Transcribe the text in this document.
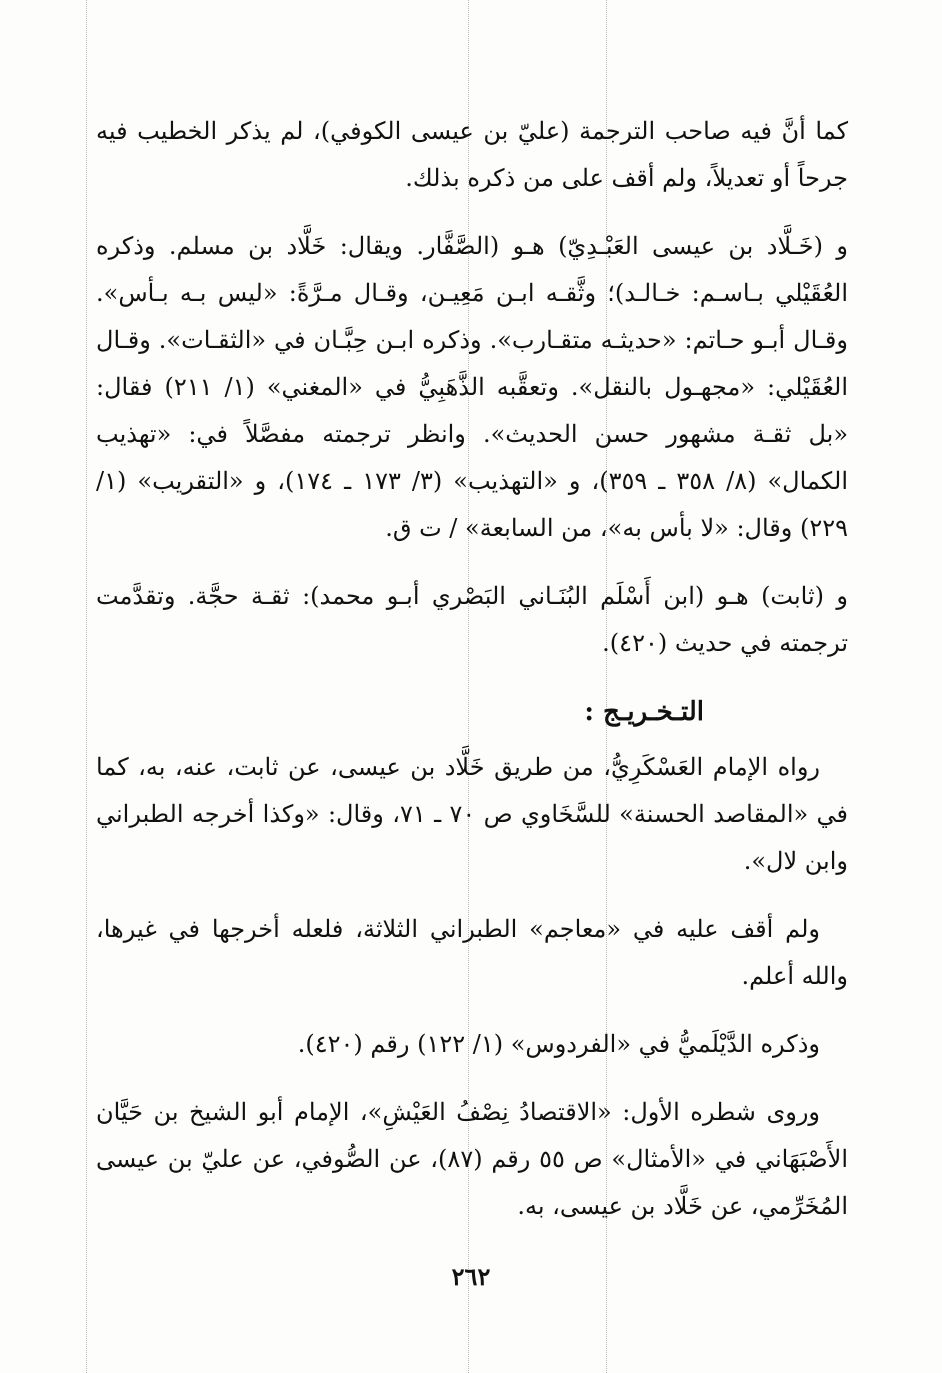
كما أنَّ فيه صاحب الترجمة (عليّ بن عيسى الكوفي)، لم يذكر الخطيب فيه جرحاً أو تعديلاً، ولم أقف على من ذكره بذلك.

و (خَـلَّاد بن عيسى العَبْـدِيّ) هـو (الصَّفَّار. ويقال: خَلَّاد بن مسلم. وذكره العُقَيْلي بـاسـم: خـالـد)؛ وثَّقـه ابـن مَعِيـن، وقـال مـرَّةً: «ليس بـه بـأس». وقـال أبـو حـاتم: «حديثـه متقـارب». وذكره ابـن حِبَّـان في «الثقـات». وقـال العُقَيْلي: «مجهـول بالنقل». وتعقَّبه الذَّهَبِيُّ في «المغني» (١/ ٢١١) فقال: «بل ثقـة مشهور حسن الحديث». وانظر ترجمته مفصَّلاً في: «تهذيب الكمال» (٨/ ٣٥٨ ـ ٣٥٩)، و «التهذيب» (٣/ ١٧٣ ـ ١٧٤)، و «التقريب» (١/ ٢٢٩) وقال: «لا بأس به»، من السابعة» / ت ق.

و (ثابت) هـو (ابن أَسْلَم البُنَـاني البَصْري أبـو محمد): ثقـة حجَّة. وتقدَّمت ترجمته في حديث (٤٢٠).

التـخـريـج :

رواه الإمام العَسْكَرِيُّ، من طريق خَلَّاد بن عيسى، عن ثابت، عنه، به، كما في «المقاصد الحسنة» للسَّخَاوي ص ٧٠ ـ ٧١، وقال: «وكذا أخرجه الطبراني وابن لال».

ولم أقف عليه في «معاجم» الطبراني الثلاثة، فلعله أخرجها في غيرها، والله أعلم.

وذكره الدَّيْلَميُّ في «الفردوس» (١/ ١٢٢) رقم (٤٢٠).

وروى شطره الأول: «الاقتصادُ نِصْفُ العَيْشِ»، الإمام أبو الشيخ بن حَيَّان الأَصْبَهَاني في «الأمثال» ص ٥٥ رقم (٨٧)، عن الصُّوفي، عن عليّ بن عيسى المُخَرِّمي، عن خَلَّاد بن عيسى، به.

٢٦٢
